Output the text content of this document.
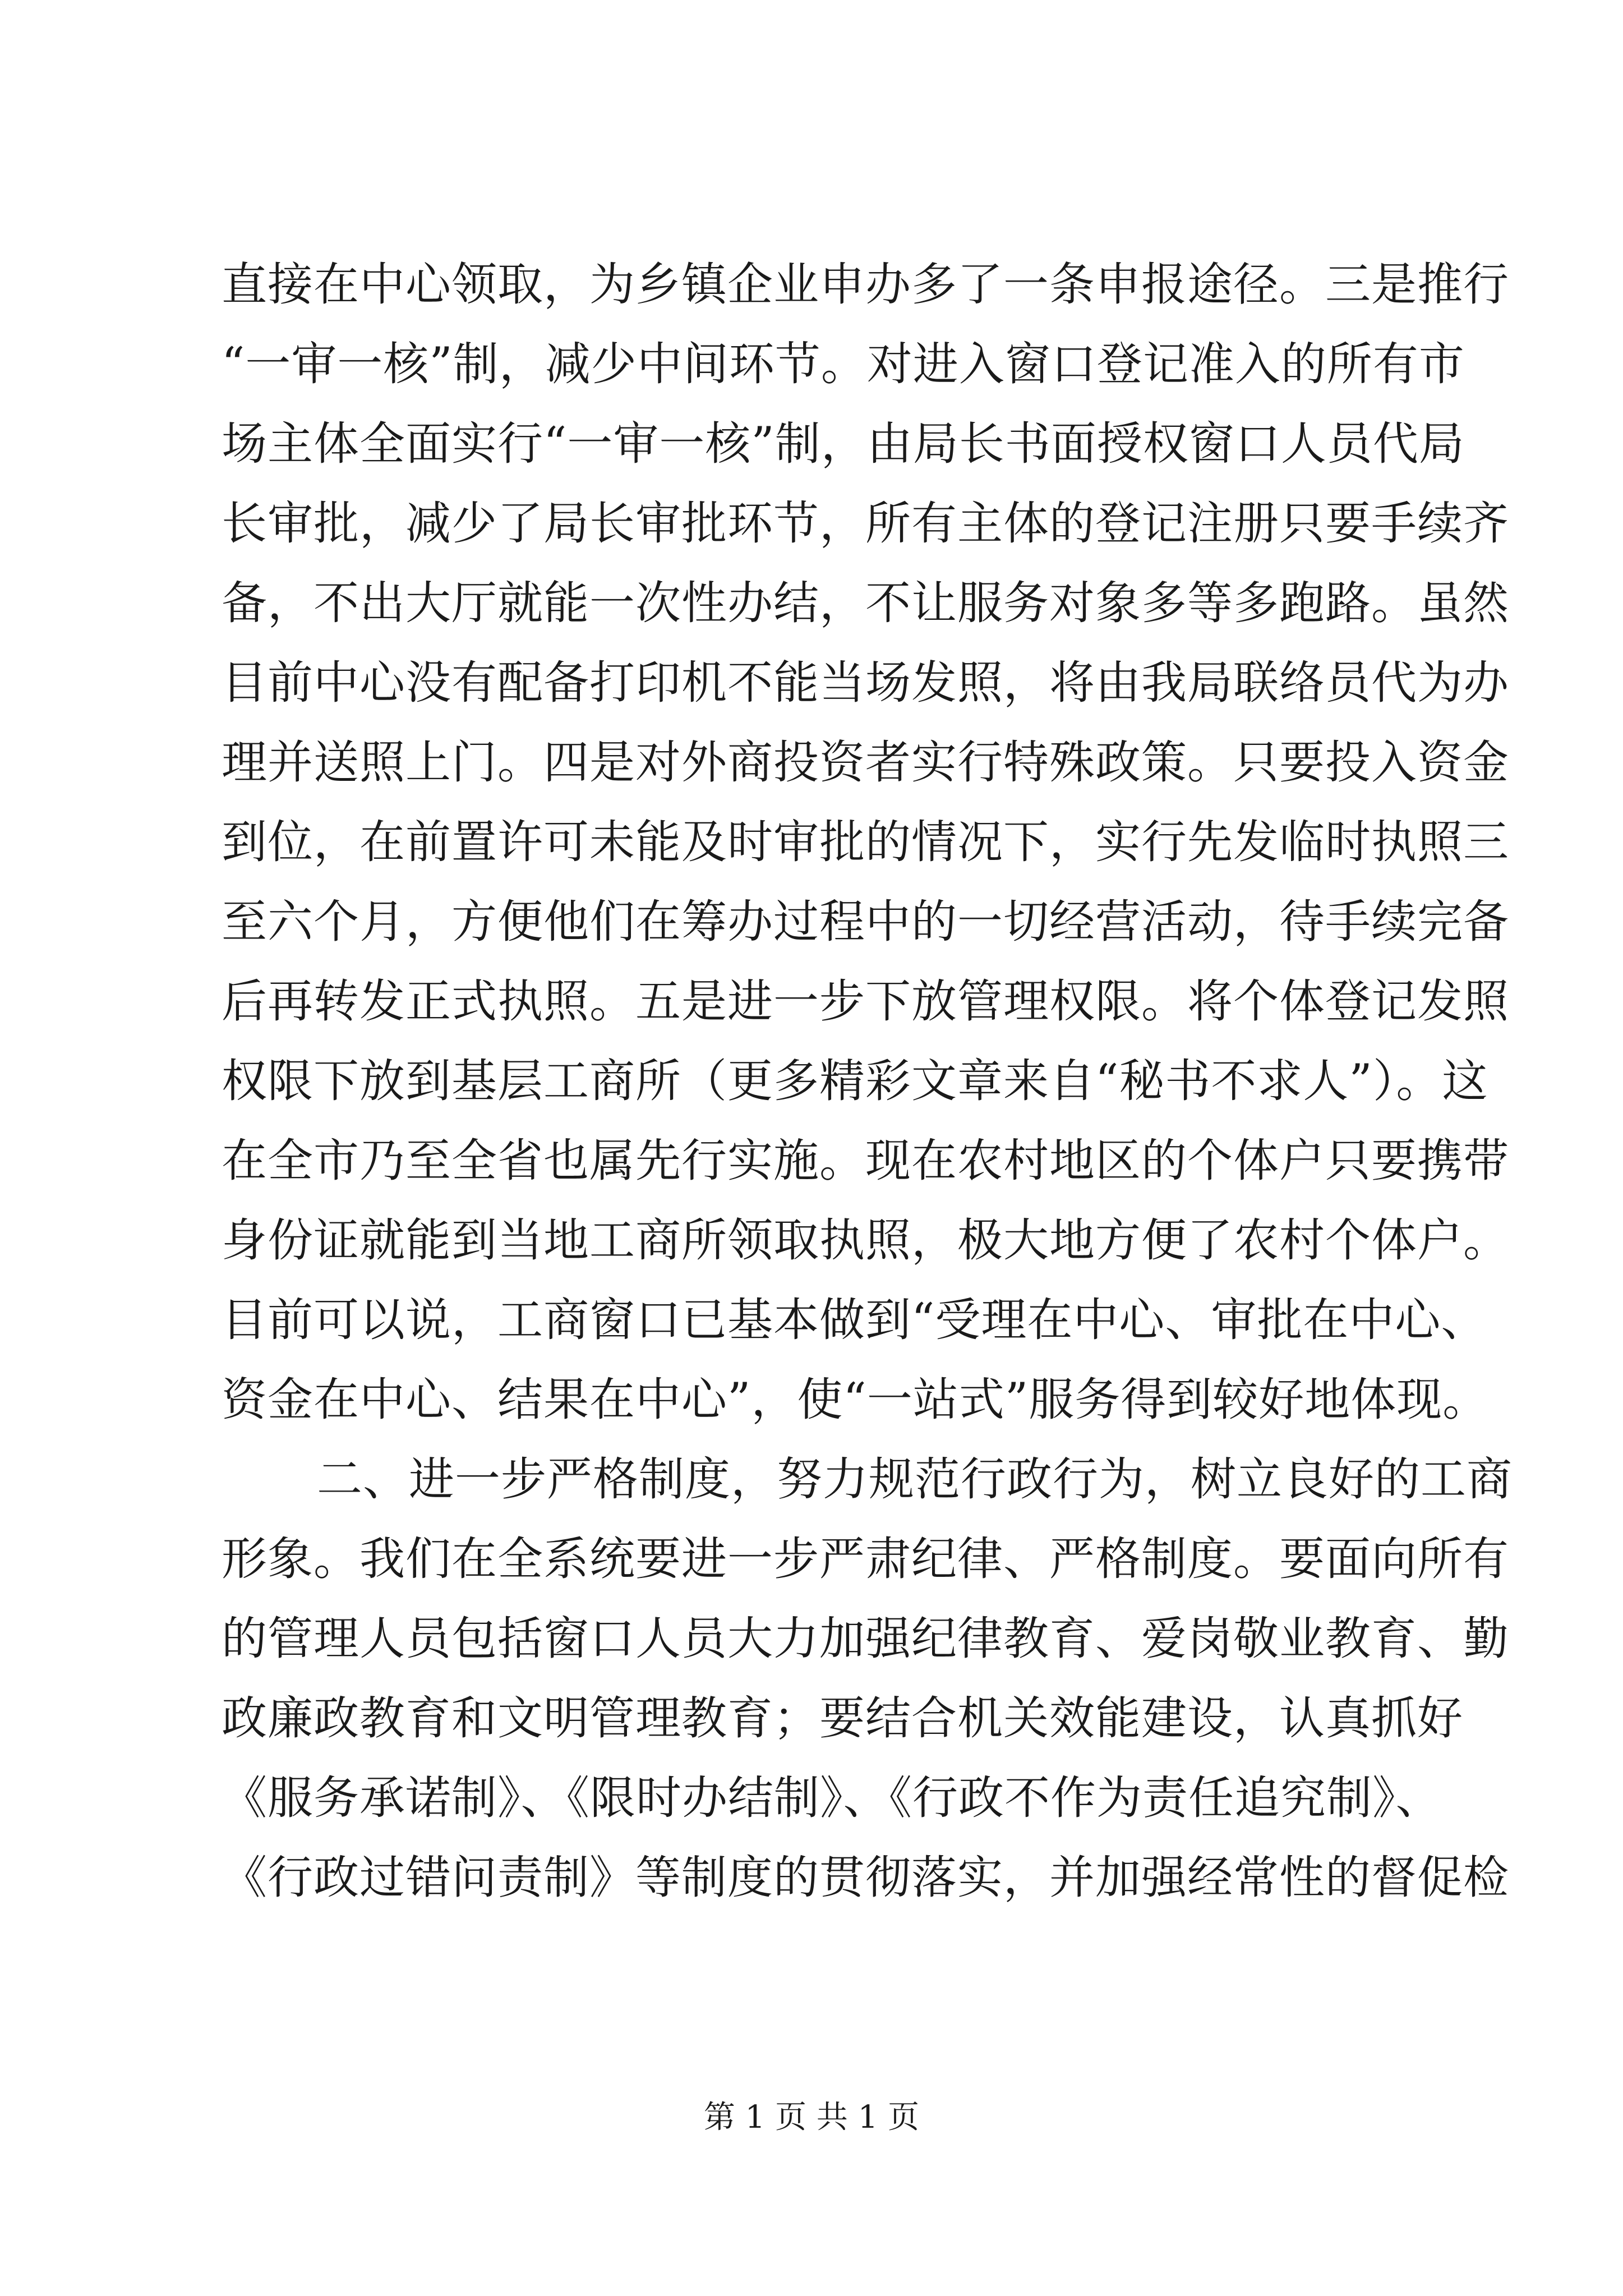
直接在中心领取，为乡镇企业申办多了一条申报途径。三是推行
“一审一核”制，减少中间环节。对进入窗口登记准入的所有市
场主体全面实行“一审一核”制，由局长书面授权窗口人员代局
长审批，减少了局长审批环节，所有主体的登记注册只要手续齐
备，不出大厅就能一次性办结，不让服务对象多等多跑路。虽然
目前中心没有配备打印机不能当场发照，将由我局联络员代为办
理并送照上门。四是对外商投资者实行特殊政策。只要投入资金
到位，在前置许可未能及时审批的情况下，实行先发临时执照三
至六个月，方便他们在筹办过程中的一切经营活动，待手续完备
后再转发正式执照。五是进一步下放管理权限。将个体登记发照
权限下放到基层工商所（更多精彩文章来自“秘书不求人”）。这
在全市乃至全省也属先行实施。现在农村地区的个体户只要携带
身份证就能到当地工商所领取执照，极大地方便了农村个体户。
目前可以说，工商窗口已基本做到“受理在中心、审批在中心、
资金在中心、结果在中心”，使“一站式”服务得到较好地体现。
二、进一步严格制度，努力规范行政行为，树立良好的工商
形象。我们在全系统要进一步严肃纪律、严格制度。要面向所有
的管理人员包括窗口人员大力加强纪律教育、爱岗敬业教育、勤
政廉政教育和文明管理教育；要结合机关效能建设，认真抓好
《服务承诺制》、《限时办结制》、《行政不作为责任追究制》、
《行政过错问责制》等制度的贯彻落实，并加强经常性的督促检
第 1 页 共 1 页
